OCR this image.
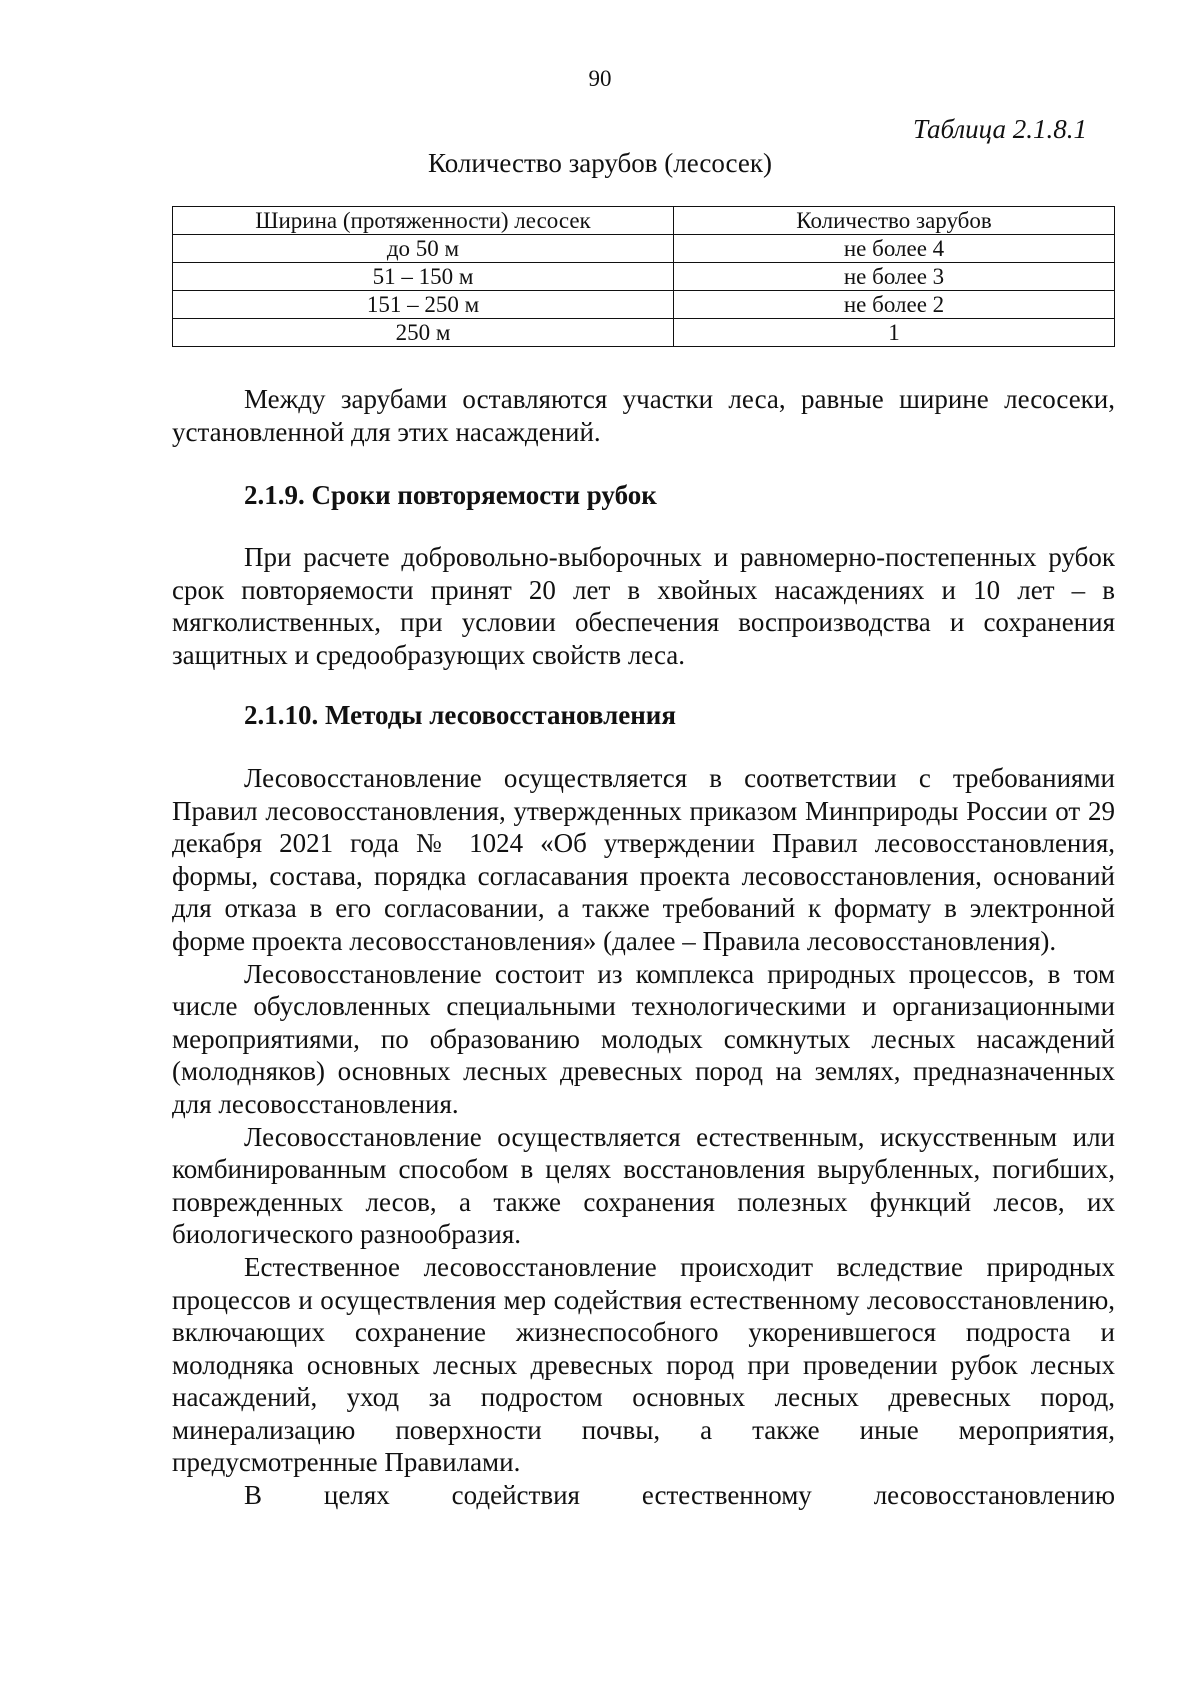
90
Таблица 2.1.8.1
Количество зарубов (лесосек)
Ширина (протяженности) лесосек	Количество зарубов
до 50 м	не более 4
51 – 150 м	не более 3
151 – 250 м	не более 2
250 м	1

Между зарубами оставляются участки леса, равные ширине лесосеки, установленной для этих насаждений.

2.1.9. Сроки повторяемости рубок

При расчете добровольно-выборочных и равномерно-постепенных рубок срок повторяемости принят 20 лет в хвойных насаждениях и 10 лет – в мягколиственных, при условии обеспечения воспроизводства и сохранения защитных и средообразующих свойств леса.

2.1.10. Методы лесовосстановления

Лесовосстановление осуществляется в соответствии с требованиями Правил лесовосстановления, утвержденных приказом Минприроды России от 29 декабря 2021 года № 1024 «Об утверждении Правил лесовосстановления, формы, состава, порядка согласавания проекта лесовосстановления, оснований для отказа в его согласовании, а также требований к формату в электронной форме проекта лесовосстановления» (далее – Правила лесовосстановления).

Лесовосстановление состоит из комплекса природных процессов, в том числе обусловленных специальными технологическими и организационными мероприятиями, по образованию молодых сомкнутых лесных насаждений (молодняков) основных лесных древесных пород на землях, предназначенных для лесовосстановления.

Лесовосстановление осуществляется естественным, искусственным или комбинированным способом в целях восстановления вырубленных, погибших, поврежденных лесов, а также сохранения полезных функций лесов, их биологического разнообразия.

Естественное лесовосстановление происходит вследствие природных процессов и осуществления мер содействия естественному лесовосстановлению, включающих сохранение жизнеспособного укоренившегося подроста и молодняка основных лесных древесных пород при проведении рубок лесных насаждений, уход за подростом основных лесных древесных пород, минерализацию поверхности почвы, а также иные мероприятия, предусмотренные Правилами.

В целях содействия естественному лесовосстановлению
